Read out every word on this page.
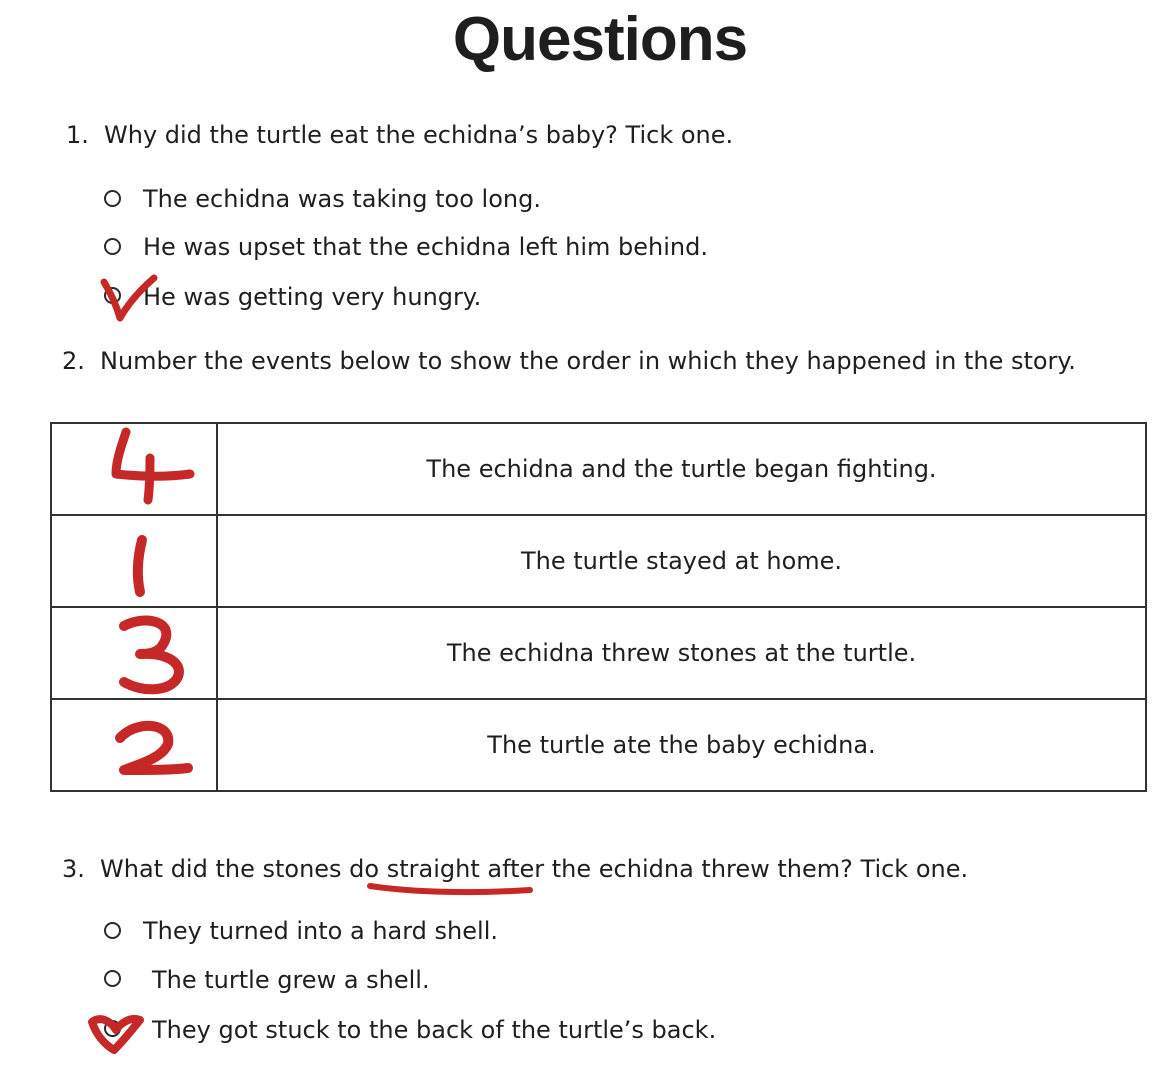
Questions
1. Why did the turtle eat the echidna’s baby? Tick one.
The echidna was taking too long.
He was upset that the echidna left him behind.
He was getting very hungry.
2. Number the events below to show the order in which they happened in the story.
	The echidna and the turtle began fighting.
	The turtle stayed at home.
	The echidna threw stones at the turtle.
	The turtle ate the baby echidna.
3. What did the stones do straight after the echidna threw them? Tick one.
They turned into a hard shell.
The turtle grew a shell.
They got stuck to the back of the turtle’s back.
4
